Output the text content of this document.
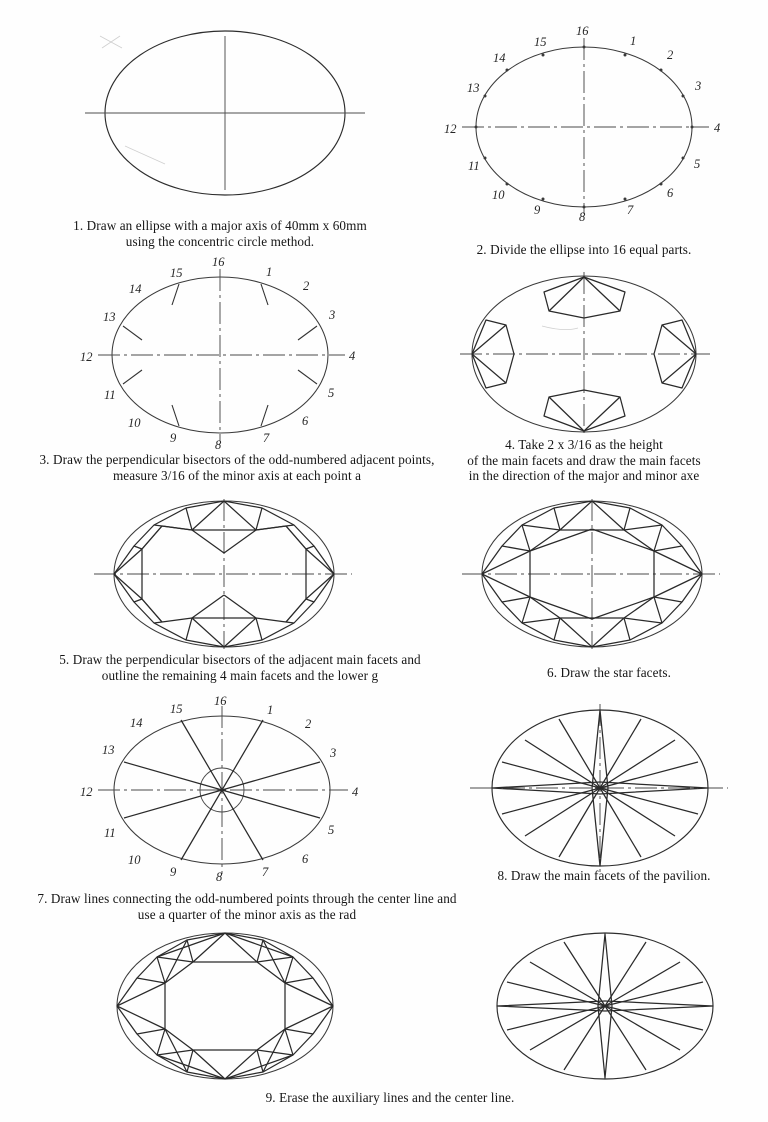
1. Draw an ellipse with a major axis of 40mm x 60mm
using the concentric circle method.
16
1
2
3
4
5
6
7
8
9
10
11
12
13
14
15
2. Divide the ellipse into 16 equal parts.
16
1
2
3
4
5
6
7
8
9
10
11
12
13
14
15
3. Draw the perpendicular bisectors of the odd-numbered adjacent points,
measure 3/16 of the minor axis at each point a
4. Take 2 x 3/16 as the height
of the main facets and draw the main facets
in the direction of the major and minor axe
5. Draw the perpendicular bisectors of the adjacent main facets and
outline the remaining 4 main facets and the lower g	6. Draw the star facets.
16
1
2
3
4
5
6
7
8
9
10
11
12
13
14
15
7. Draw lines connecting the odd-numbered points through the center line and
use a quarter of the minor axis as the rad
8. Draw the main facets of the pavilion.
9. Erase the auxiliary lines and the center line.
